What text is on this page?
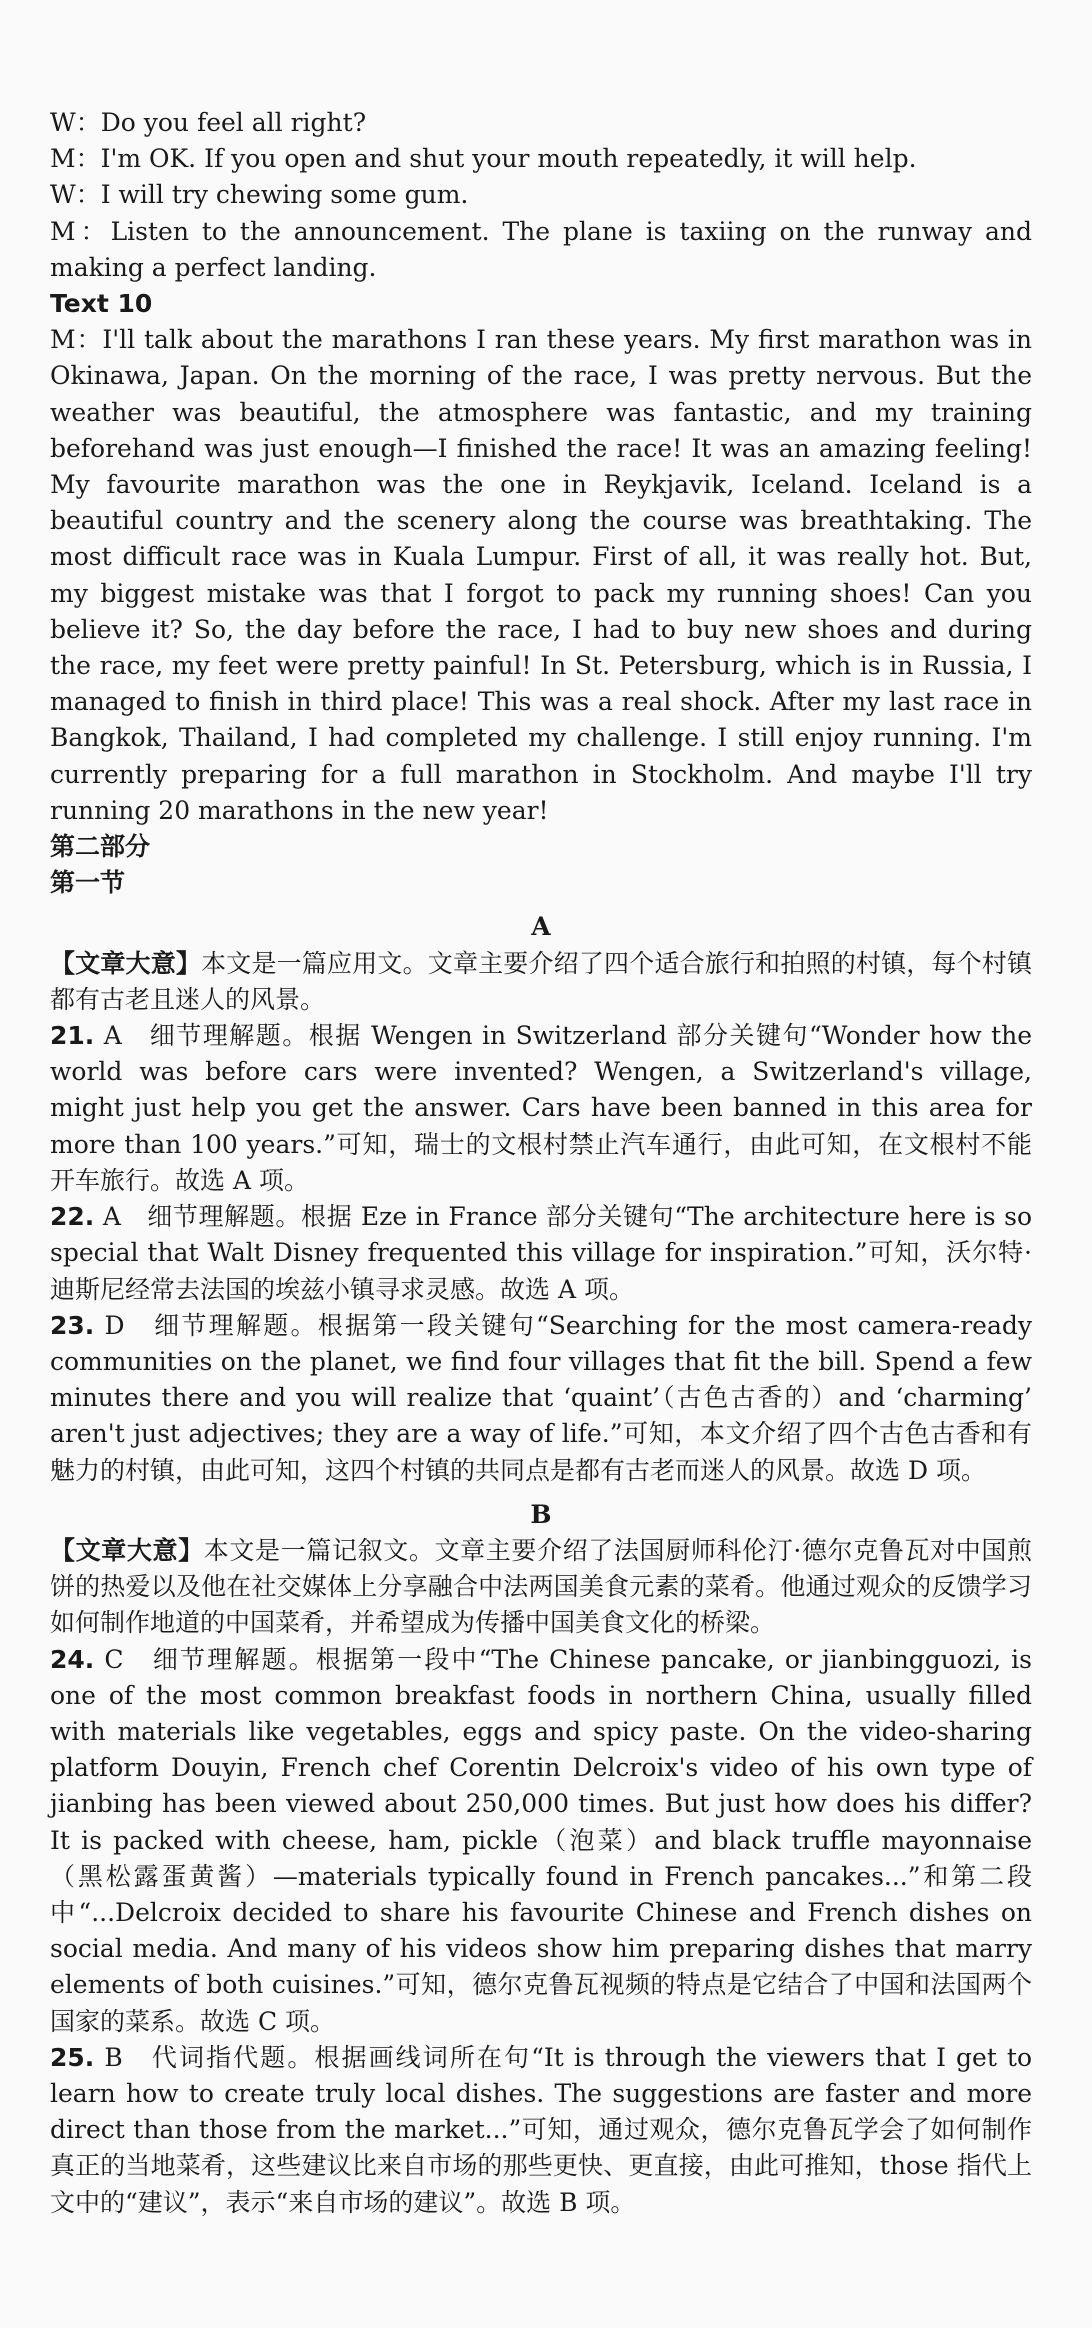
W：Do you feel all right?

M：I'm OK. If you open and shut your mouth repeatedly, it will help.

W：I will try chewing some gum.

M：Listen to the announcement. The plane is taxiing on the runway and making a perfect landing.

Text 10

M：I'll talk about the marathons I ran these years. My first marathon was in Okinawa, Japan. On the morning of the race, I was pretty nervous. But the weather was beautiful, the atmosphere was fantastic, and my training beforehand was just enough—I finished the race! It was an amazing feeling! My favourite marathon was the one in Reykjavik, Iceland. Iceland is a beautiful country and the scenery along the course was breathtaking. The most difficult race was in Kuala Lumpur. First of all, it was really hot. But, my biggest mistake was that I forgot to pack my running shoes! Can you believe it? So, the day before the race, I had to buy new shoes and during the race, my feet were pretty painful! In St. Petersburg, which is in Russia, I managed to finish in third place! This was a real shock. After my last race in Bangkok, Thailand, I had completed my challenge. I still enjoy running. I'm currently preparing for a full marathon in Stockholm. And maybe I'll try running 20 marathons in the new year!

第二部分
第一节
A

【文章大意】本文是一篇应用文。文章主要介绍了四个适合旅行和拍照的村镇，每个村镇都有古老且迷人的风景。

21. A　细节理解题。根据 Wengen in Switzerland 部分关键句“Wonder how the world was before cars were invented? Wengen, a Switzerland's village, might just help you get the answer. Cars have been banned in this area for more than 100 years.”可知，瑞士的文根村禁止汽车通行，由此可知，在文根村不能开车旅行。故选 A 项。

22. A　细节理解题。根据 Eze in France 部分关键句“The architecture here is so special that Walt Disney frequented this village for inspiration.”可知，沃尔特·迪斯尼经常去法国的埃兹小镇寻求灵感。故选 A 项。

23. D　细节理解题。根据第一段关键句“Searching for the most camera-ready communities on the planet, we find four villages that fit the bill. Spend a few minutes there and you will realize that ‘quaint’（古色古香的）and ‘charming’ aren't just adjectives; they are a way of life.”可知，本文介绍了四个古色古香和有魅力的村镇，由此可知，这四个村镇的共同点是都有古老而迷人的风景。故选 D 项。

B

【文章大意】本文是一篇记叙文。文章主要介绍了法国厨师科伦汀·德尔克鲁瓦对中国煎饼的热爱以及他在社交媒体上分享融合中法两国美食元素的菜肴。他通过观众的反馈学习如何制作地道的中国菜肴，并希望成为传播中国美食文化的桥梁。

24. C　细节理解题。根据第一段中“The Chinese pancake, or jianbingguozi, is one of the most common breakfast foods in northern China, usually filled with materials like vegetables, eggs and spicy paste. On the video-sharing platform Douyin, French chef Corentin Delcroix's video of his own type of jianbing has been viewed about 250,000 times. But just how does his differ? It is packed with cheese, ham, pickle（泡菜）and black truffle mayonnaise（黑松露蛋黄酱）—materials typically found in French pancakes...”和第二段中“...Delcroix decided to share his favourite Chinese and French dishes on social media. And many of his videos show him preparing dishes that marry elements of both cuisines.”可知，德尔克鲁瓦视频的特点是它结合了中国和法国两个国家的菜系。故选 C 项。

25. B　代词指代题。根据画线词所在句“It is through the viewers that I get to learn how to create truly local dishes. The suggestions are faster and more direct than those from the market...”可知，通过观众，德尔克鲁瓦学会了如何制作真正的当地菜肴，这些建议比来自市场的那些更快、更直接，由此可推知，those 指代上文中的“建议”，表示“来自市场的建议”。故选 B 项。
